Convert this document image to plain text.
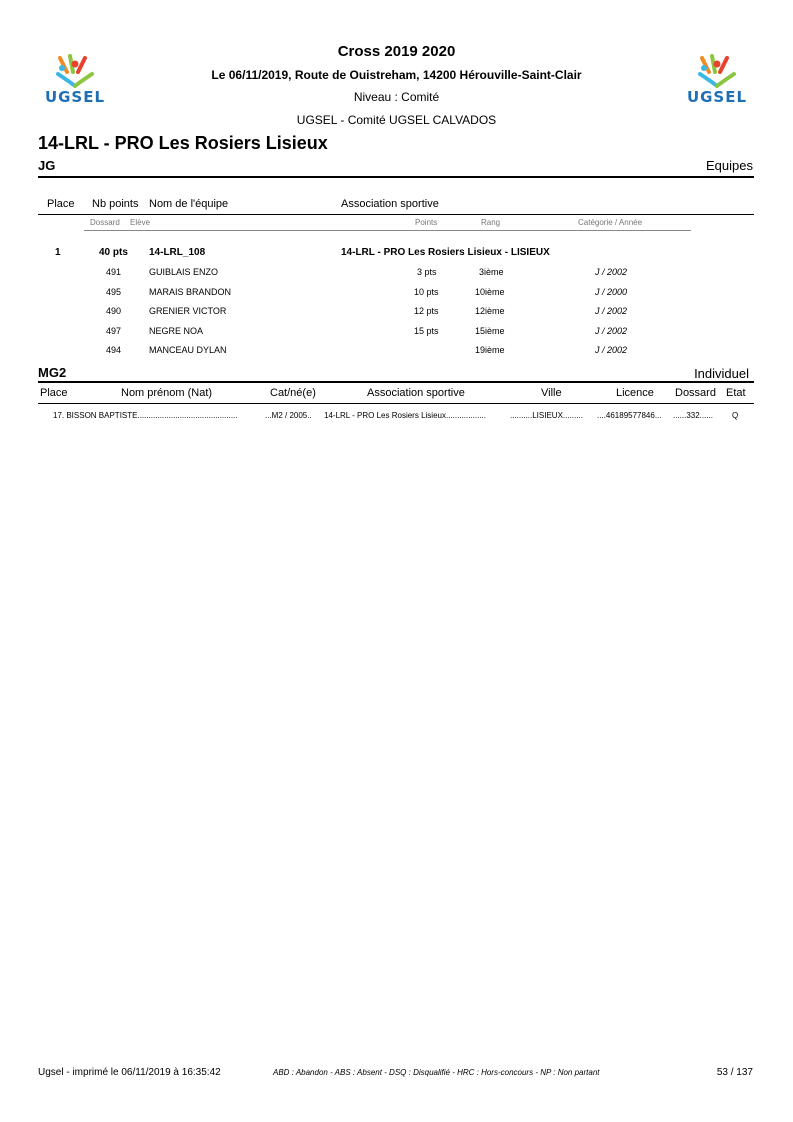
UGSEL	UGSEL
Cross 2019 2020
Le 06/11/2019, Route de Ouistreham, 14200 Hérouville-Saint-Clair
Niveau : Comité
UGSEL - Comité UGSEL CALVADOS
14-LRL - PRO Les Rosiers Lisieux
JG	Equipes
Place Nb points Nom de l'équipe	Association sportive
Dossard Elève	Points	Rang	Catégorie / Année
1	40 pts 14-LRL_108	14-LRL - PRO Les Rosiers Lisieux - LISIEUX
491	GUIBLAIS ENZO	3 pts	3ième	J / 2002
495	MARAIS BRANDON	10 pts	10ième	J / 2000
490	GRENIER VICTOR	12 pts	12ième	J / 2002
497	NEGRE NOA	15 pts	15ième	J / 2002
494	MANCEAU DYLAN	19ième	J / 2002
MG2	Individuel
Place	Nom prénom (Nat)	Cat/né(e)	Association sportive	Ville	Licence Dossard Etat
17. BISSON BAPTISTE.............................................	...M2 / 2005.. 14-LRL - PRO Les Rosiers Lisieux..................	..........LISIEUX......... ....46189577846... ......332...... Q
Ugsel - imprimé le 06/11/2019 à 16:35:42	ABD : Abandon - ABS : Absent - DSQ : Disqualifié - HRC : Hors-concours - NP : Non partant	53 / 137
